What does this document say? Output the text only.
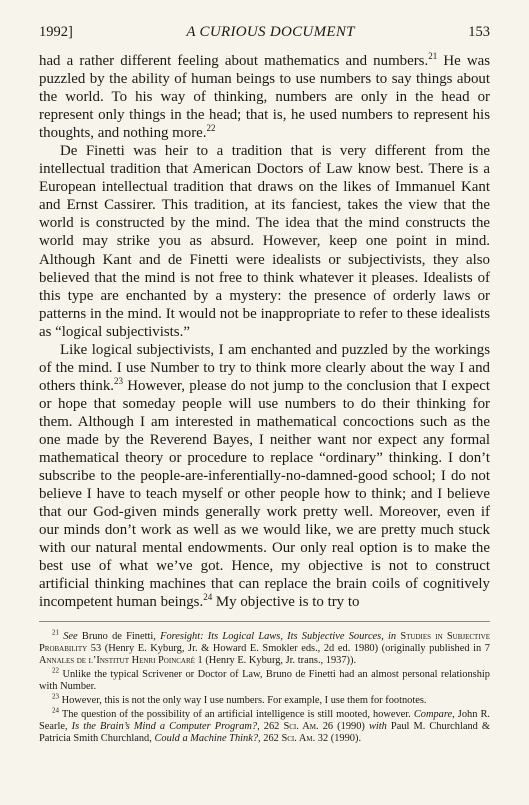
1992]	A CURIOUS DOCUMENT	153

had a rather different feeling about mathematics and numbers.$^{21}$ He was puzzled by the ability of human beings to use numbers to say things about the world. To his way of thinking, numbers are only in the head or represent only things in the head; that is, he used numbers to represent his thoughts, and nothing more.$^{22}$

De Finetti was heir to a tradition that is very different from the intellectual tradition that American Doctors of Law know best. There is a European intellectual tradition that draws on the likes of Immanuel Kant and Ernst Cassirer. This tradition, at its fanciest, takes the view that the world is constructed by the mind. The idea that the mind constructs the world may strike you as absurd. However, keep one point in mind. Although Kant and de Finetti were idealists or subjectivists, they also believed that the mind is not free to think whatever it pleases. Idealists of this type are enchanted by a mystery: the presence of orderly laws or patterns in the mind. It would not be inappropriate to refer to these idealists as “logical subjectivists.”

Like logical subjectivists, I am enchanted and puzzled by the workings of the mind. I use Number to try to think more clearly about the way I and others think.$^{23}$ However, please do not jump to the conclusion that I expect or hope that someday people will use numbers to do their thinking for them. Although I am interested in mathematical concoctions such as the one made by the Reverend Bayes, I neither want nor expect any formal mathematical theory or procedure to replace “ordinary” thinking. I don’t subscribe to the people-are-inferentially-no-damned-good school; I do not believe I have to teach myself or other people how to think; and I believe that our God-given minds generally work pretty well. Moreover, even if our minds don’t work as well as we would like, we are pretty much stuck with our natural mental endowments. Our only real option is to make the best use of what we’ve got. Hence, my objective is not to construct artificial thinking machines that can replace the brain coils of cognitively incompetent human beings.$^{24}$ My objective is to try to

$^{21}$ See Bruno de Finetti, Foresight: Its Logical Laws, Its Subjective Sources, in Studies in Subjective Probability 53 (Henry E. Kyburg, Jr. & Howard E. Smokler eds., 2d ed. 1980) (originally published in 7 Annales de l’Institut Henri Poincaré 1 (Henry E. Kyburg, Jr. trans., 1937)).

$^{22}$ Unlike the typical Scrivener or Doctor of Law, Bruno de Finetti had an almost personal relationship with Number.

$^{23}$ However, this is not the only way I use numbers. For example, I use them for footnotes.

$^{24}$ The question of the possibility of an artificial intelligence is still mooted, however. Compare, John R. Searle, Is the Brain’s Mind a Computer Program?, 262 Sci. Am. 26 (1990) with Paul M. Churchland & Patricia Smith Churchland, Could a Machine Think?, 262 Sci. Am. 32 (1990).
